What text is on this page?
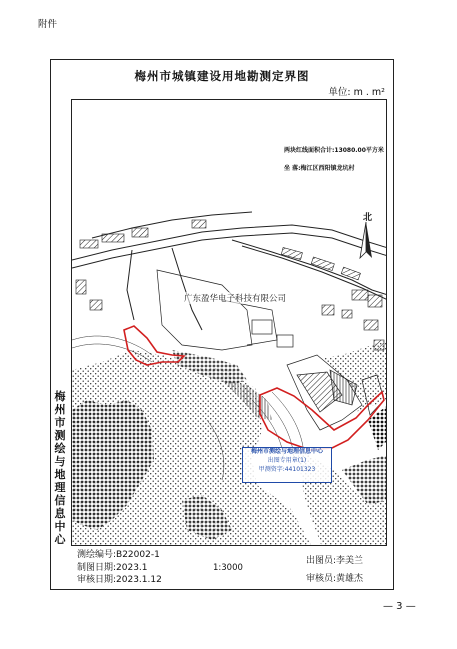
附件
梅州市城镇建设用地勘测定界图
单位: m . m²
梅州市测绘与地理信息中心
两块红线面积合计:13080.00平方米
坐 落:梅江区西阳镇龙坑村
北
测绘编号:B22002-1
制图日期:2023.1
审核日期:2023.1.12
1:3000
出图员:李美兰
审核员:黄雄杰
广东盈华电子科技有限公司
梅州市测绘与地理信息中心
出图专用章(1)
甲测资字:44101323
— 3 —
